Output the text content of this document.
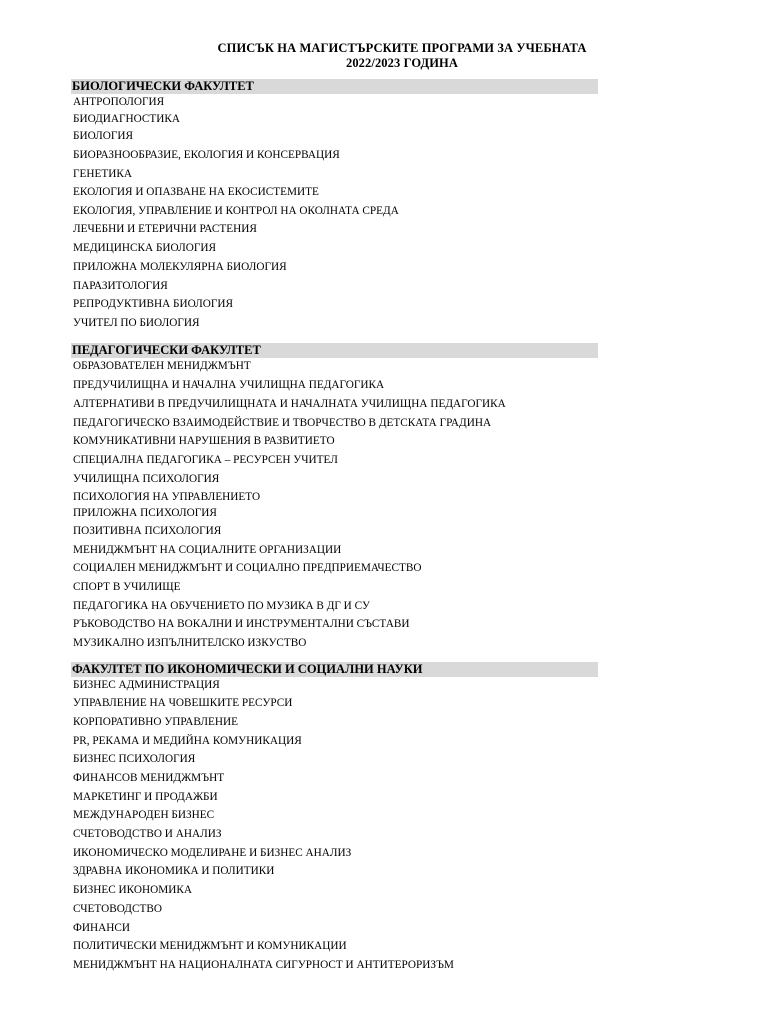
СПИСЪК НА МАГИСТЪРСКИТЕ ПРОГРАМИ ЗА УЧЕБНАТА
2022/2023 ГОДИНА
БИОЛОГИЧЕСКИ ФАКУЛТЕТ
АНТРОПОЛОГИЯ
БИОДИАГНОСТИКА
БИОЛОГИЯ
БИОРАЗНООБРАЗИЕ, ЕКОЛОГИЯ И КОНСЕРВАЦИЯ
ГЕНЕТИКА
ЕКОЛОГИЯ И ОПАЗВАНЕ НА ЕКОСИСТЕМИТЕ
ЕКОЛОГИЯ, УПРАВЛЕНИЕ И КОНТРОЛ НА ОКОЛНАТА СРЕДА
ЛЕЧЕБНИ И ЕТЕРИЧНИ РАСТЕНИЯ
МЕДИЦИНСКА БИОЛОГИЯ
ПРИЛОЖНА МОЛЕКУЛЯРНА БИОЛОГИЯ
ПАРАЗИТОЛОГИЯ
РЕПРОДУКТИВНА БИОЛОГИЯ
УЧИТЕЛ ПО БИОЛОГИЯ
ПЕДАГОГИЧЕСКИ ФАКУЛТЕТ
ОБРАЗОВАТЕЛЕН МЕНИДЖМЪНТ
ПРЕДУЧИЛИЩНА И НАЧАЛНА УЧИЛИЩНА ПЕДАГОГИКА
АЛТЕРНАТИВИ В ПРЕДУЧИЛИЩНАТА И НАЧАЛНАТА УЧИЛИЩНА ПЕДАГОГИКА
ПЕДАГОГИЧЕСКО ВЗАИМОДЕЙСТВИЕ И ТВОРЧЕСТВО В ДЕТСКАТА ГРАДИНА
КОМУНИКАТИВНИ НАРУШЕНИЯ В РАЗВИТИЕТО
СПЕЦИАЛНА ПЕДАГОГИКА – РЕСУРСЕН УЧИТЕЛ
УЧИЛИЩНА ПСИХОЛОГИЯ
ПСИХОЛОГИЯ НА УПРАВЛЕНИЕТО
ПРИЛОЖНА ПСИХОЛОГИЯ
ПОЗИТИВНА ПСИХОЛОГИЯ
МЕНИДЖМЪНТ НА СОЦИАЛНИТЕ ОРГАНИЗАЦИИ
СОЦИАЛЕН МЕНИДЖМЪНТ И СОЦИАЛНО ПРЕДПРИЕМАЧЕСТВО
СПОРТ В УЧИЛИЩЕ
ПЕДАГОГИКА НА ОБУЧЕНИЕТО ПО МУЗИКА В ДГ И СУ
РЪКОВОДСТВО НА ВОКАЛНИ И ИНСТРУМЕНТАЛНИ СЪСТАВИ
МУЗИКАЛНО ИЗПЪЛНИТЕЛСКО ИЗКУСТВО
ФАКУЛТЕТ ПО ИКОНОМИЧЕСКИ И СОЦИАЛНИ НАУКИ
БИЗНЕС АДМИНИСТРАЦИЯ
УПРАВЛЕНИЕ НА ЧОВЕШКИТЕ РЕСУРСИ
КОРПОРАТИВНО УПРАВЛЕНИЕ
PR, РЕКАМА И МЕДИЙНА КОМУНИКАЦИЯ
БИЗНЕС ПСИХОЛОГИЯ
ФИНАНСОВ МЕНИДЖМЪНТ
МАРКЕТИНГ И ПРОДАЖБИ
МЕЖДУНАРОДЕН БИЗНЕС
СЧЕТОВОДСТВО И АНАЛИЗ
ИКОНОМИЧЕСКО МОДЕЛИРАНЕ И БИЗНЕС АНАЛИЗ
ЗДРАВНА ИКОНОМИКА И ПОЛИТИКИ
БИЗНЕС ИКОНОМИКА
СЧЕТОВОДСТВО
ФИНАНСИ
ПОЛИТИЧЕСКИ МЕНИДЖМЪНТ И КОМУНИКАЦИИ
МЕНИДЖМЪНТ НА НАЦИОНАЛНАТА СИГУРНОСТ И АНТИТЕРОРИЗЪМ
